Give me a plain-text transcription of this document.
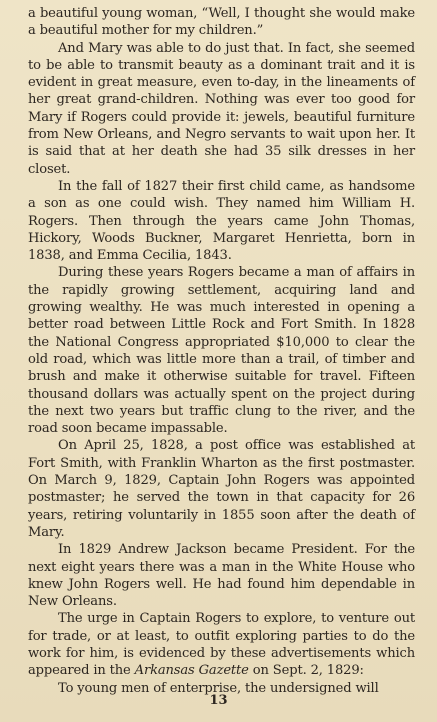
a beautiful young woman, “Well, I thought she would make a beautiful mother for my children.”

And Mary was able to do just that. In fact, she seemed to be able to transmit beauty as a dominant trait and it is evident in great measure, even to-day, in the lineaments of her great grand-children. Nothing was ever too good for Mary if Rogers could provide it: jewels, beautiful furniture from New Orleans, and Negro servants to wait upon her. It is said that at her death she had 35 silk dresses in her closet.

In the fall of 1827 their first child came, as handsome a son as one could wish. They named him William H. Rogers. Then through the years came John Thomas, Hickory, Woods Buckner, Margaret Henrietta, born in 1838, and Emma Cecilia, 1843.

During these years Rogers became a man of affairs in the rapidly growing settlement, acquiring land and growing wealthy. He was much interested in opening a better road between Little Rock and Fort Smith. In 1828 the National Congress appropriated $10,000 to clear the old road, which was little more than a trail, of timber and brush and make it otherwise suitable for travel. Fifteen thousand dollars was actually spent on the project during the next two years but traffic clung to the river, and the road soon became impassable.

On April 25, 1828, a post office was established at Fort Smith, with Franklin Wharton as the first postmaster. On March 9, 1829, Captain John Rogers was appointed postmaster; he served the town in that capacity for 26 years, retiring voluntarily in 1855 soon after the death of Mary.

In 1829 Andrew Jackson became President. For the next eight years there was a man in the White House who knew John Rogers well. He had found him dependable in New Orleans.

The urge in Captain Rogers to explore, to venture out for trade, or at least, to outfit exploring parties to do the work for him, is evidenced by these advertisements which appeared in the Arkansas Gazette on Sept. 2, 1829:

To young men of enterprise, the undersigned will

13
